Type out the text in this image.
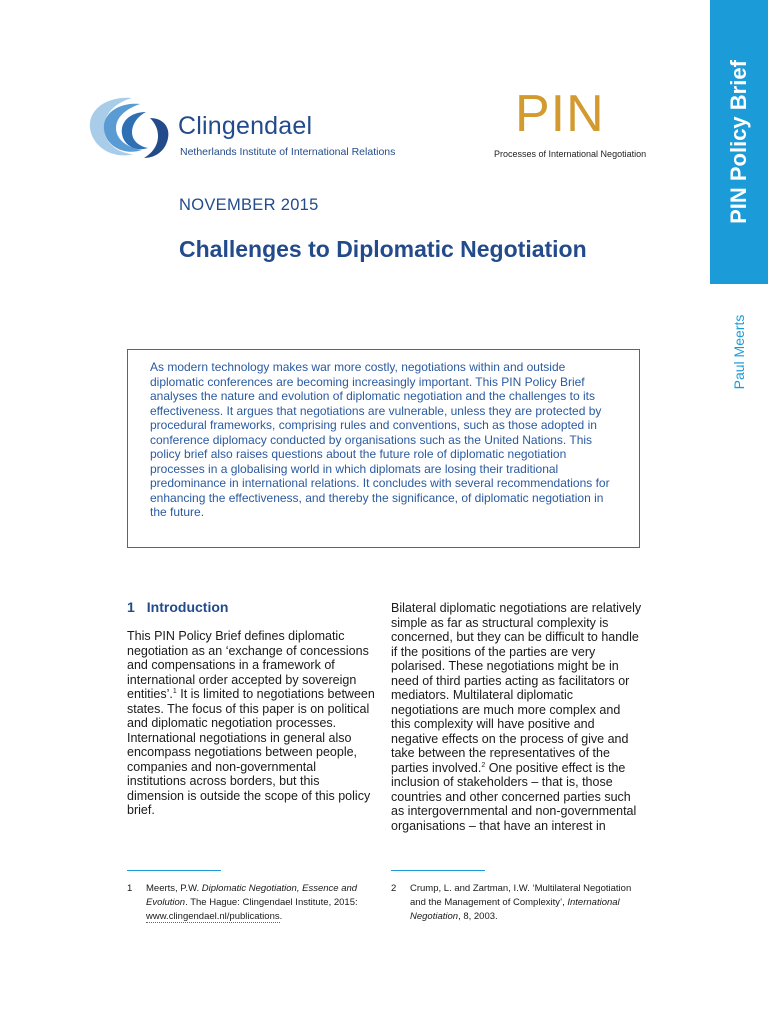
PIN Policy Brief
Paul Meerts
Clingendael
Netherlands Institute of International Relations
PIN
Processes of International Negotiation
NOVEMBER 2015
Challenges to Diplomatic Negotiation

As modern technology makes war more costly, negotiations within and outside diplomatic conferences are becoming increasingly important. This PIN Policy Brief analyses the nature and evolution of diplomatic negotiation and the challenges to its effectiveness. It argues that negotiations are vulnerable, unless they are protected by procedural frameworks, comprising rules and conventions, such as those adopted in conference diplomacy conducted by organisations such as the United Nations. This policy brief also raises questions about the future role of diplomatic negotiation processes in a globalising world in which diplomats are losing their traditional predominance in international relations. It concludes with several recommendations for enhancing the effectiveness, and thereby the significance, of diplomatic negotiation in the future.

1 Introduction

This PIN Policy Brief defines diplomatic negotiation as an ‘exchange of concessions and compensations in a framework of international order accepted by sovereign entities’.$^1$ It is limited to negotiations between states. The focus of this paper is on political and diplomatic negotiation processes. International negotiations in general also encompass negotiations between people, companies and non-governmental institutions across borders, but this dimension is outside the scope of this policy brief.

Bilateral diplomatic negotiations are relatively simple as far as structural complexity is concerned, but they can be difficult to handle if the positions of the parties are very polarised. These negotiations might be in need of third parties acting as facilitators or mediators. Multilateral diplomatic negotiations are much more complex and this complexity will have positive and negative effects on the process of give and take between the representatives of the parties involved.$^2$ One positive effect is the inclusion of stakeholders – that is, those countries and other concerned parties such as intergovernmental and non-governmental organisations – that have an interest in

1 Meerts, P.W. Diplomatic Negotiation, Essence and Evolution. The Hague: Clingendael Institute, 2015: www.clingendael.nl/publications.
2 Crump, L. and Zartman, I.W. ‘Multilateral Negotiation and the Management of Complexity’, International Negotiation, 8, 2003.
